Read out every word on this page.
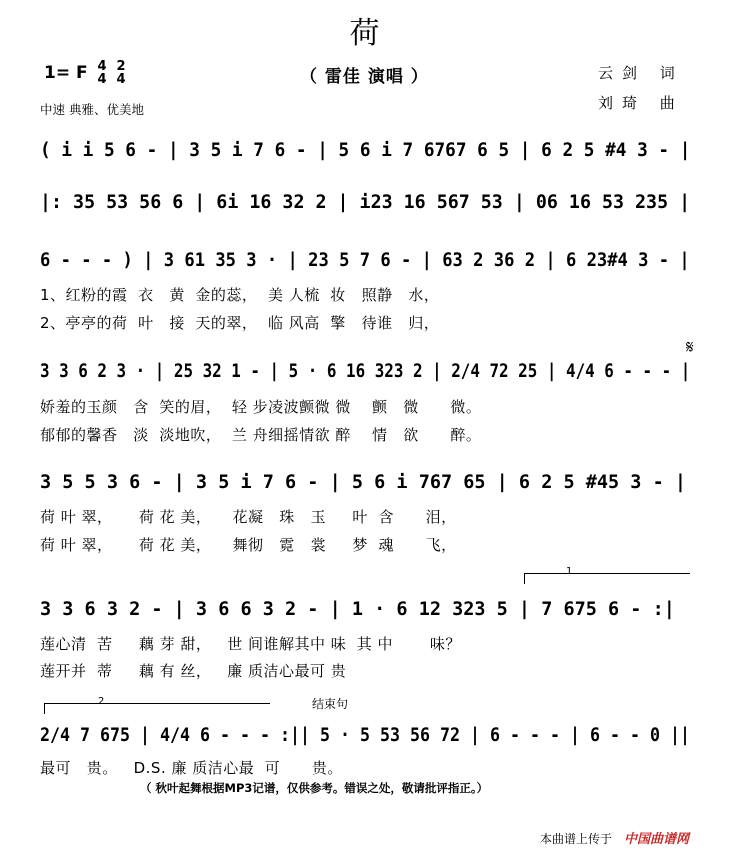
荷
1= F 4
4 2
4	（ 雷佳 演唱 ）
中速 典雅、优美地
云剑 词
刘琦 曲
( i i 5 6 - | 3 5 i 7 6 - | 5 6 i 7 6767 6 5 | 6 2 5 #4 3 - |
|: 35 53 56 6 | 6i 16 32 2 | i23 16 567 53 | 06 16 53 235 |
6 - - - ) | 3 61 35 3 · | 23 5 7 6 - | 63 2 36 2 | 6 23#4 3 - |
1、红粉的霞  衣   黄  金的蕊，  美 人梳  妆   照静   水，
2、亭亭的荷  叶   接  天的翠，  临 风高  擎   待谁   归，
𝄋
3 3 6 2 3 · | 25 32 1 - | 5 · 6 16 323 2 | 2/4 72 25 | 4/4 6 - - - |
娇羞的玉颜   含  笑的眉，  轻 步凌波颤微 微    颤   微      微。
郁郁的馨香   淡  淡地吹，  兰 舟细摇情欲 醉    情   欲      醉。
3 5 5 3 6 - | 3 5 i 7 6 - | 5 6 i 767 65 | 6 2 5 #45 3 - |
荷 叶 翠，     荷 花 美，    花凝   珠   玉     叶  含      泪，
荷 叶 翠，     荷 花 美，    舞彻   霓   裳     梦  魂      飞，
1
3 3 6 3 2 - | 3 6 6 3 2 - | 1 · 6 12 323 5 | 7 675 6 - :|
莲心清  苦     藕 芽 甜，   世 间谁解其中 味  其 中       味？
莲开并  蒂     藕 有 丝，   廉 质洁心最可 贵
2	结束句
2/4 7 675 | 4/4 6 - - - :|| 5 · 5 53 56 72 | 6 - - - | 6 - - 0 ||
最可   贵。   D.S. 廉 质洁心最  可      贵。
（ 秋叶起舞根据MP3记谱，仅供参考。错误之处，敬请批评指正。）
本曲谱上传于 中国曲谱网
